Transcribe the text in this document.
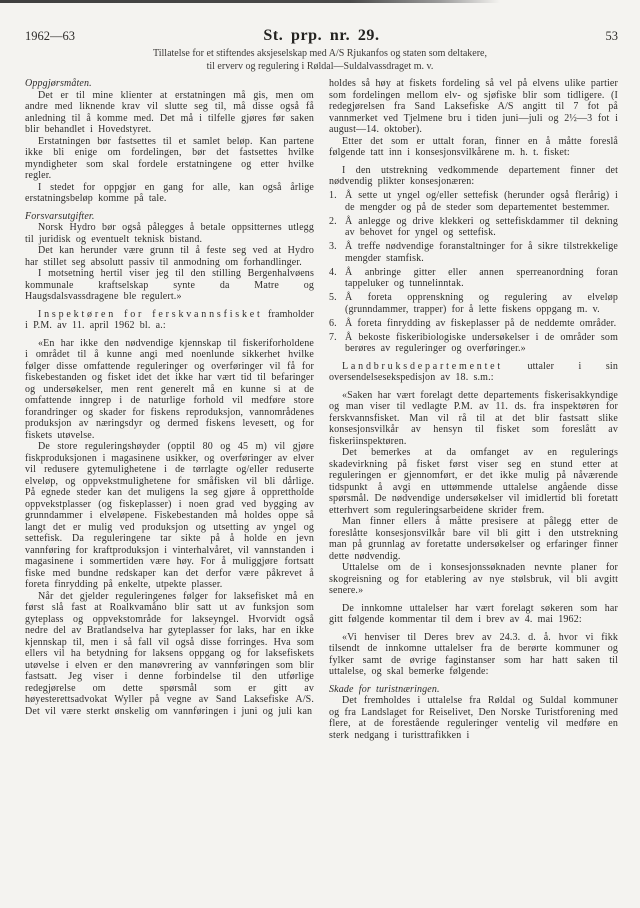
1962—63	St. prp. nr. 29.	53
Tillatelse for et stiftendes aksjeselskap med A/S Rjukanfos og staten som deltakere,
til erverv og regulering i Røldal—Suldalvassdraget m. v.
Oppgjørsmåten.

Det er til mine klienter at erstatningen må gis, men om andre med liknende krav vil slutte seg til, må disse også få anledning til å komme med. Det må i tilfelle gjøres før saken blir behandlet i Hovedstyret.

Erstatningen bør fastsettes til et samlet beløp. Kan partene ikke bli enige om fordelingen, bør det fastsettes hvilke myndigheter som skal fordele erstatningene og etter hvilke regler.

I stedet for oppgjør en gang for alle, kan også årlige erstatningsbeløp komme på tale.

Forsvarsutgifter.

Norsk Hydro bør også pålegges å betale oppsitternes utlegg til juridisk og eventuelt teknisk bistand.

Det kan herunder være grunn til å feste seg ved at Hydro har stillet seg absolutt passiv til anmodning om forhandlinger.

I motsetning hertil viser jeg til den stilling Bergenhalvøens kommunale kraftselskap synte da Matre og Haugsdalsvassdragene ble regulert.»

Inspektøren for ferskvannsfisket framholder i P.M. av 11. april 1962 bl. a.:

«En har ikke den nødvendige kjennskap til fiskeriforholdene i området til å kunne angi med noenlunde sikkerhet hvilke følger disse omfattende reguleringer og overføringer vil få for fiskebestanden og fisket idet det ikke har vært tid til befaringer og undersøkelser, men rent generelt må en kunne si at de omfattende inngrep i de naturlige forhold vil medføre store forandringer og skader for fiskens reproduksjon, vannområdenes produksjon av næringsdyr og dermed fiskens levesett, og for fiskets utøvelse.

De store reguleringshøyder (opptil 80 og 45 m) vil gjøre fiskproduksjonen i magasinene usikker, og overføringer av elver vil redusere gytemulighetene i de tørrlagte og/eller reduserte elveløp, og oppvekstmulighetene for småfisken vil bli dårlige. På egnede steder kan det muligens la seg gjøre å opprettholde oppvekstplasser (og fiskeplasser) i noen grad ved bygging av grunndammer i elveløpene. Fiskebestanden må holdes oppe så langt det er mulig ved produksjon og utsetting av yngel og settefisk. Da reguleringene tar sikte på å holde en jevn vannføring for kraftproduksjon i vinterhalvåret, vil vannstanden i magasinene i sommertiden være høy. For å muliggjøre fortsatt fiske med bundne redskaper kan det derfor være påkrevet å foreta finrydding på enkelte, utpekte plasser.

Når det gjelder reguleringenes følger for laksefisket må en først slå fast at Roalkvamåno blir satt ut av funksjon som gyteplass og oppvekstområde for lakseyngel. Hvorvidt også nedre del av Bratlandselva har gyteplasser for laks, har en ikke kjennskap til, men i så fall vil også disse forringes. Hva som ellers vil ha betydning for laksens oppgang og for laksefiskets utøvelse i elven er den manøvrering av vannføringen som blir fastsatt. Jeg viser i denne forbindelse til den utførlige redegjørelse om dette spørsmål som er gitt av høyesterettsadvokat Wyller på vegne av Sand Laksefiske A/S. Det vil være sterkt ønskelig om vannføringen i juni og juli kan

holdes så høy at fiskets fordeling så vel på elvens ulike partier som fordelingen mellom elv- og sjøfiske blir som tidligere. (I redegjørelsen fra Sand Laksefiske A/S angitt til 7 fot på vannmerket ved Tjelmene bru i tiden juni—juli og 2½—3 fot i august—14. oktober).

Etter det som er uttalt foran, finner en å måtte foreslå følgende tatt inn i konsesjonsvilkårene m. h. t. fisket:

I den utstrekning vedkommende departement finner det nødvendig plikter konsesjonæren:

1. Å sette ut yngel og/eller settefisk (herunder også flerårig) i de mengder og på de steder som departementet bestemmer.
2. Å anlegge og drive klekkeri og settefiskdammer til dekning av behovet for yngel og settefisk.
3. Å treffe nødvendige foranstaltninger for å sikre tilstrekkelige mengder stamfisk.
4. Å anbringe gitter eller annen sperreanordning foran tappeluker og tunnelinntak.
5. Å foreta opprenskning og regulering av elveløp (grunndammer, trapper) for å lette fiskens oppgang m. v.
6. Å foreta finrydding av fiskeplasser på de neddemte områder.
7. Å bekoste fiskeribiologiske undersøkelser i de områder som berøres av reguleringer og overføringer.»

Landbruksdepartementet uttaler i sin oversendelsesekspedisjon av 18. s.m.:

«Saken har vært forelagt dette departements fiskerisakkyndige og man viser til vedlagte P.M. av 11. ds. fra inspektøren for ferskvannsfisket. Man vil rå til at det blir fastsatt slike konsesjonsvilkår av hensyn til fisket som foreslått av fiskeriinspektøren.

Det bemerkes at da omfanget av en regulerings skadevirkning på fisket først viser seg en stund etter at reguleringen er gjennomført, er det ikke mulig på nåværende tidspunkt å avgi en uttømmende uttalelse angående disse spørsmål. De nødvendige undersøkelser vil imidlertid bli foretatt etterhvert som reguleringsarbeidene skrider frem.

Man finner ellers å måtte presisere at pålegg etter de foreslåtte konsesjonsvilkår bare vil bli gitt i den utstrekning man på grunnlag av foretatte undersøkelser og erfaringer finner dette nødvendig.

Uttalelse om de i konsesjonssøknaden nevnte planer for skogreisning og for etablering av nye stølsbruk, vil bli avgitt senere.»

De innkomne uttalelser har vært forelagt søkeren som har gitt følgende kommentar til dem i brev av 4. mai 1962:

«Vi henviser til Deres brev av 24.3. d. å. hvor vi fikk tilsendt de innkomne uttalelser fra de berørte kommuner og fylker samt de øvrige faginstanser som har hatt saken til uttalelse, og skal bemerke følgende:

Skade for turistnæringen.

Det fremholdes i uttalelse fra Røldal og Suldal kommuner og fra Landslaget for Reiselivet, Den Norske Turistforening med flere, at de forestående reguleringer ventelig vil medføre en sterk nedgang i turisttrafikken i
